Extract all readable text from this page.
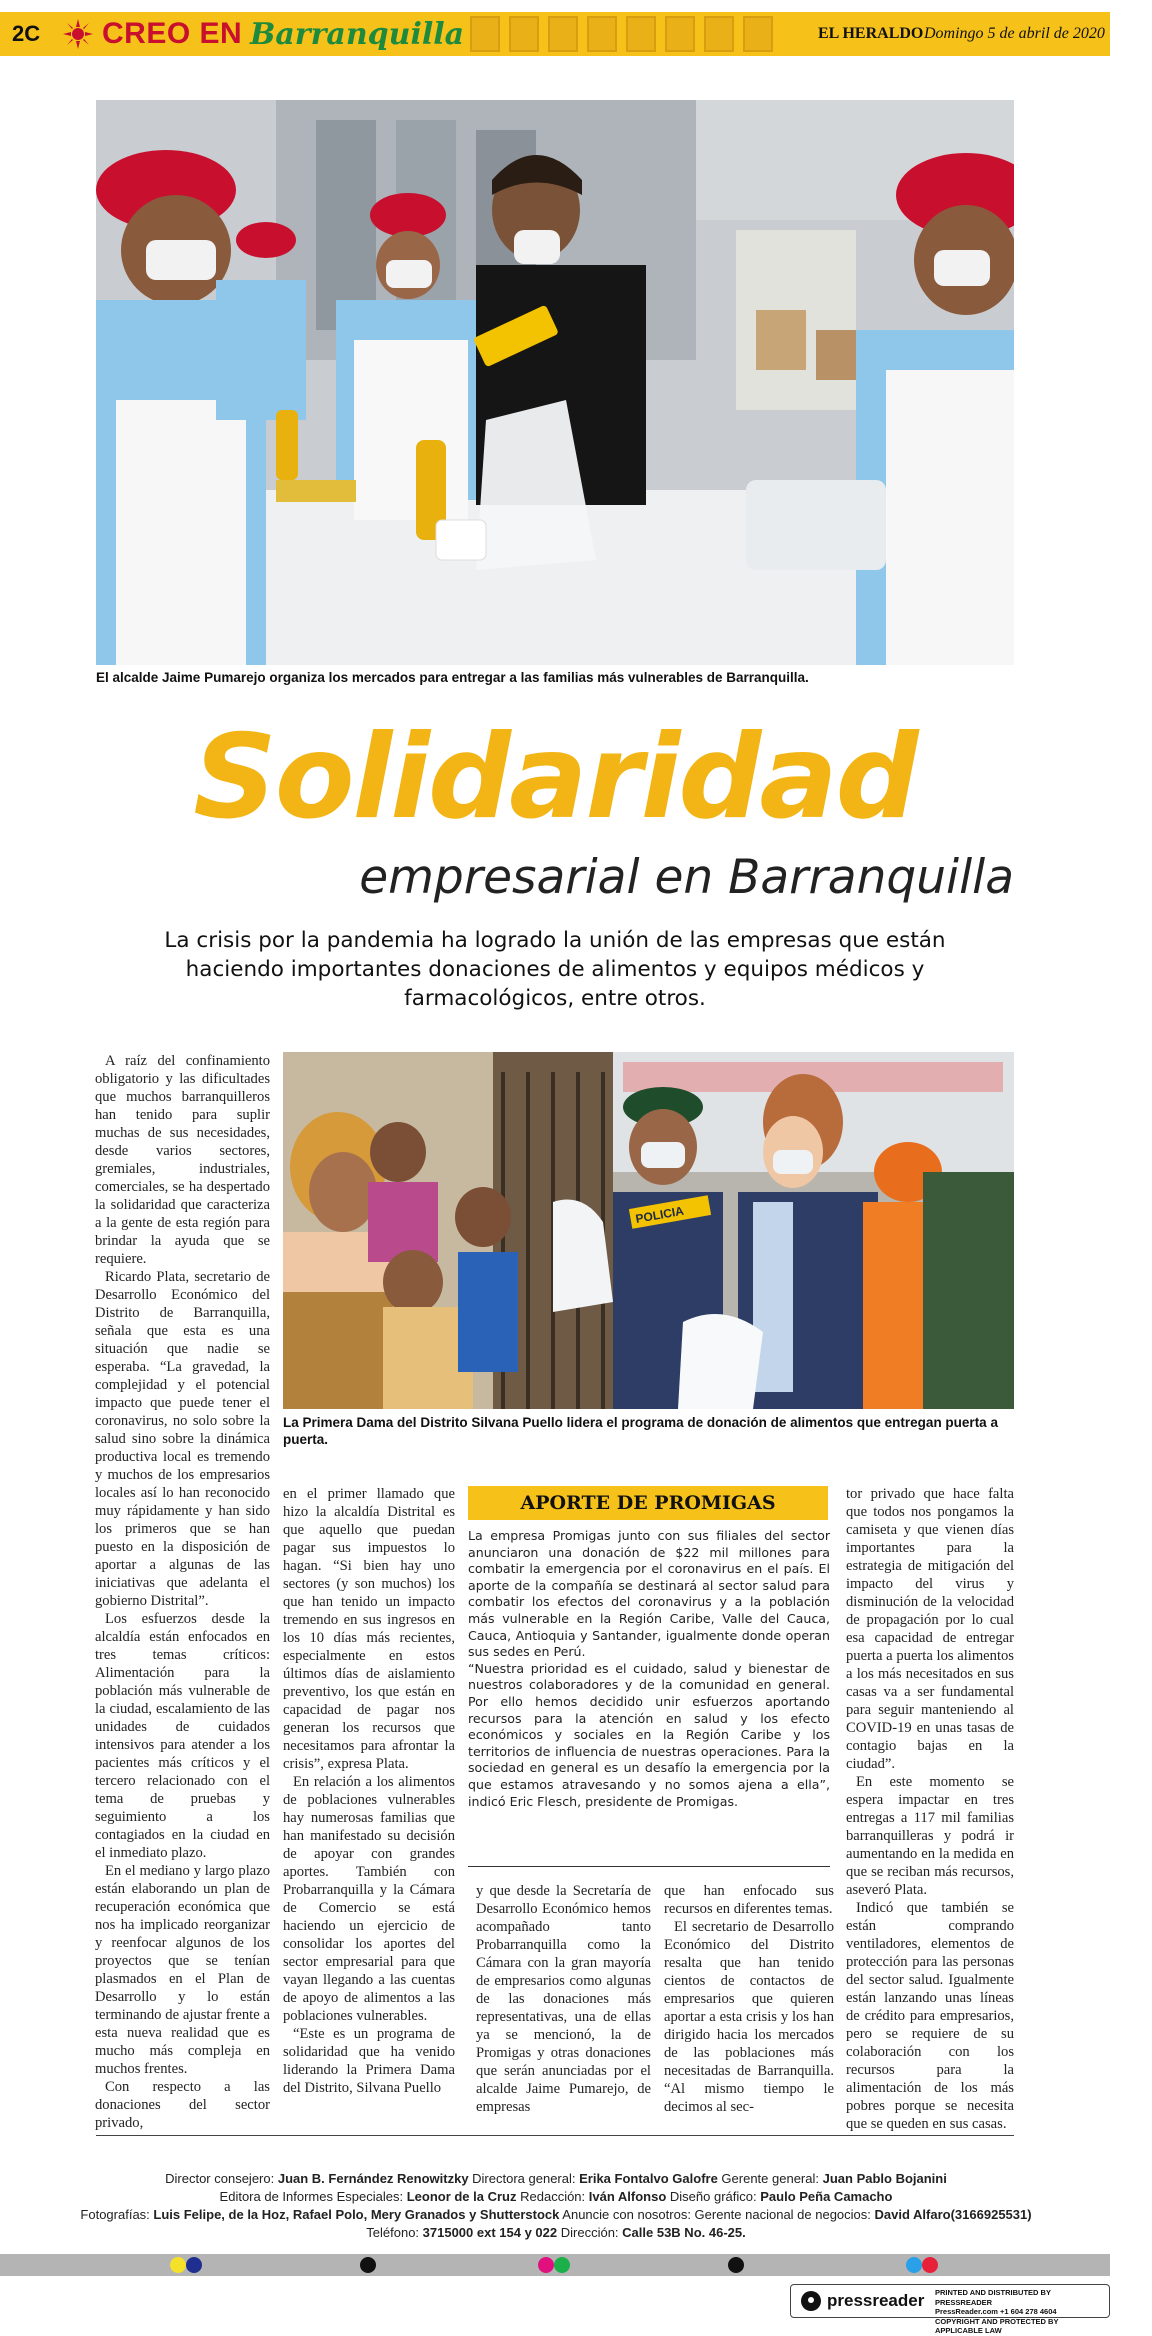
2C CREO EN Barranquilla	EL HERALDO Domingo 5 de abril de 2020
El alcalde Jaime Pumarejo organiza los mercados para entregar a las familias más vulnerables de Barranquilla.
Solidaridad
empresarial en Barranquilla
La crisis por la pandemia ha logrado la unión de las empresas que están haciendo importantes donaciones de alimentos y equipos médicos y farmacológicos, entre otros.

A raíz del confinamiento obligatorio y las dificultades que muchos barranquilleros han tenido para suplir muchas de sus necesidades, desde varios sectores, gremiales, industriales, comerciales, se ha despertado la solidaridad que caracteriza a la gente de esta región para brindar la ayuda que se requiere.

Ricardo Plata, secretario de Desarrollo Económico del Distrito de Barranquilla, señala que esta es una situación que nadie se esperaba. “La gravedad, la complejidad y el potencial impacto que puede tener el coronavirus, no solo sobre la salud sino sobre la dinámica productiva local es tremendo y muchos de los empresarios locales así lo han reconocido muy rápidamente y han sido los primeros que se han puesto en la disposición de aportar a algunas de las iniciativas que adelanta el gobierno Distrital”.

Los esfuerzos desde la alcaldía están enfocados en tres temas críticos: Alimentación para la población más vulnerable de la ciudad, escalamiento de las unidades de cuidados intensivos para atender a los pacientes más críticos y el tercero relacionado con el tema de pruebas y seguimiento a los contagiados en la ciudad en el inmediato plazo.

En el mediano y largo plazo están elaborando un plan de recuperación económica que nos ha implicado reorganizar y reenfocar algunos de los proyectos que se tenían plasmados en el Plan de Desarrollo y lo están terminando de ajustar frente a esta nueva realidad que es mucho más compleja en muchos frentes.

Con respecto a las donaciones del sector privado,

POLICIA
La Primera Dama del Distrito Silvana Puello lidera el programa de donación de alimentos que entregan puerta a puerta.

en el primer llamado que hizo la alcaldía Distrital es que aquello que puedan pagar sus impuestos lo hagan. “Si bien hay uno sectores (y son muchos) los que han tenido un impacto tremendo en sus ingresos en los 10 días más recientes, especialmente en estos últimos días de aislamiento preventivo, los que están en capacidad de pagar nos generan los recursos que necesitamos para afrontar la crisis”, expresa Plata.

En relación a los alimentos de poblaciones vulnerables hay numerosas familias que han manifestado su decisión de apoyar con grandes aportes. También con Probarranquilla y la Cámara de Comercio se está haciendo un ejercicio de consolidar los aportes del sector empresarial para que vayan llegando a las cuentas de apoyo de alimentos a las poblaciones vulnerables.

“Este es un programa de solidaridad que ha venido liderando la Primera Dama del Distrito, Silvana Puello

APORTE DE PROMIGAS

La empresa Promigas junto con sus filiales del sector anunciaron una donación de $22 mil millones para combatir la emergencia por el coronavirus en el país. El aporte de la compañía se destinará al sector salud para combatir los efectos del coronavirus y a la población más vulnerable en la Región Caribe, Valle del Cauca, Cauca, Antioquia y Santander, igualmente donde operan sus sedes en Perú.

“Nuestra prioridad es el cuidado, salud y bienestar de nuestros colaboradores y de la comunidad en general. Por ello hemos decidido unir esfuerzos aportando recursos para la atención en salud y los efecto económicos y sociales en la Región Caribe y los territorios de influencia de nuestras operaciones. Para la sociedad en general es un desafío la emergencia por la que estamos atravesando y no somos ajena a ella”, indicó Eric Flesch, presidente de Promigas.

y que desde la Secretaría de Desarrollo Económico hemos acompañado tanto Probarranquilla como la Cámara con la gran mayoría de empresarios como algunas de las donaciones más representativas, una de ellas ya se mencionó, la de Promigas y otras donaciones que serán anunciadas por el alcalde Jaime Pumarejo, de empresas

que han enfocado sus recursos en diferentes temas.

El secretario de Desarrollo Económico del Distrito resalta que han tenido cientos de contactos de empresarios que quieren aportar a esta crisis y los han dirigido hacia los mercados de las poblaciones más necesitadas de Barranquilla. “Al mismo tiempo le decimos al sec-

tor privado que hace falta que todos nos pongamos la camiseta y que vienen días importantes para la estrategia de mitigación del impacto del virus y disminución de la velocidad de propagación por lo cual esa capacidad de entregar puerta a puerta los alimentos a los más necesitados en sus casas va a ser fundamental para seguir manteniendo al COVID-19 en unas tasas de contagio bajas en la ciudad”.

En este momento se espera impactar en tres entregas a 117 mil familias barranquilleras y podrá ir aumentando en la medida en que se reciban más recursos, aseveró Plata.

Indicó que también se están comprando ventiladores, elementos de protección para las personas del sector salud. Igualmente están lanzando unas líneas de crédito para empresarios, pero se requiere de su colaboración con los recursos para la alimentación de los más pobres porque se necesita que se queden en sus casas.

Director consejero: Juan B. Fernández Renowitzky Directora general: Erika Fontalvo Galofre Gerente general: Juan Pablo Bojanini
Editora de Informes Especiales: Leonor de la Cruz Redacción: Iván Alfonso Diseño gráfico: Paulo Peña Camacho
Fotografías: Luis Felipe, de la Hoz, Rafael Polo, Mery Granados y Shutterstock Anuncie con nosotros: Gerente nacional de negocios: David Alfaro(3166925531)
Teléfono: 3715000 ext 154 y 022 Dirección: Calle 53B No. 46-25.
pressreader PRINTED AND DISTRIBUTED BY PRESSREADER
PressReader.com +1 604 278 4604
COPYRIGHT AND PROTECTED BY APPLICABLE LAW
